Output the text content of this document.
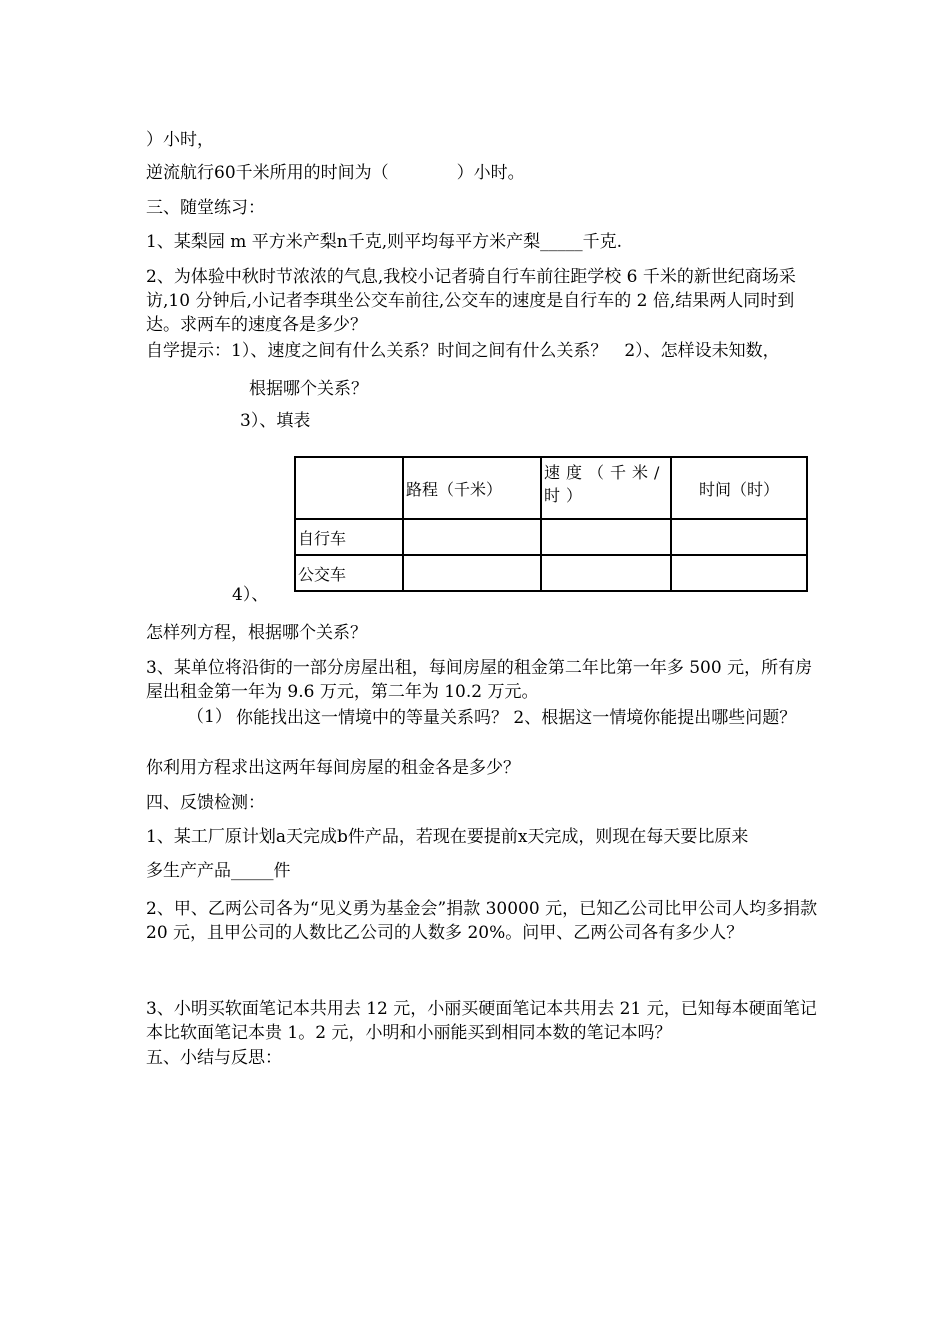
）小时，
逆流航行60千米所用的时间为（　　　　）小时。
三、随堂练习：
1、某梨园 m 平方米产梨n千克,则平均每平方米产梨_____千克.
2、为体验中秋时节浓浓的气息,我校小记者骑自行车前往距学校 6 千米的新世纪商场采访,10 分钟后,小记者李琪坐公交车前往,公交车的速度是自行车的 2 倍,结果两人同时到达。求两车的速度各是多少？
自学提示：1）、速度之间有什么关系？时间之间有什么关系？　2）、怎样设未知数，
根据哪个关系？
3）、填表
	路程（千米）	速度（千米/时）	时间（时）
自行车			
公交车			
4）、
怎样列方程，根据哪个关系？
3、某单位将沿街的一部分房屋出租，每间房屋的租金第二年比第一年多 500 元，所有房屋出租金第一年为 9.6 万元，第二年为 10.2 万元。
（1） 你能找出这一情境中的等量关系吗？ 2、根据这一情境你能提出哪些问题？
你利用方程求出这两年每间房屋的租金各是多少？
四、反馈检测：
1、某工厂原计划a天完成b件产品，若现在要提前x天完成，则现在每天要比原来
多生产产品_____件
2、甲、乙两公司各为“见义勇为基金会”捐款 30000 元，已知乙公司比甲公司人均多捐款 20 元，且甲公司的人数比乙公司的人数多 20%。问甲、乙两公司各有多少人？
3、小明买软面笔记本共用去 12 元，小丽买硬面笔记本共用去 21 元，已知每本硬面笔记本比软面笔记本贵 1。2 元，小明和小丽能买到相同本数的笔记本吗？
五、小结与反思：
